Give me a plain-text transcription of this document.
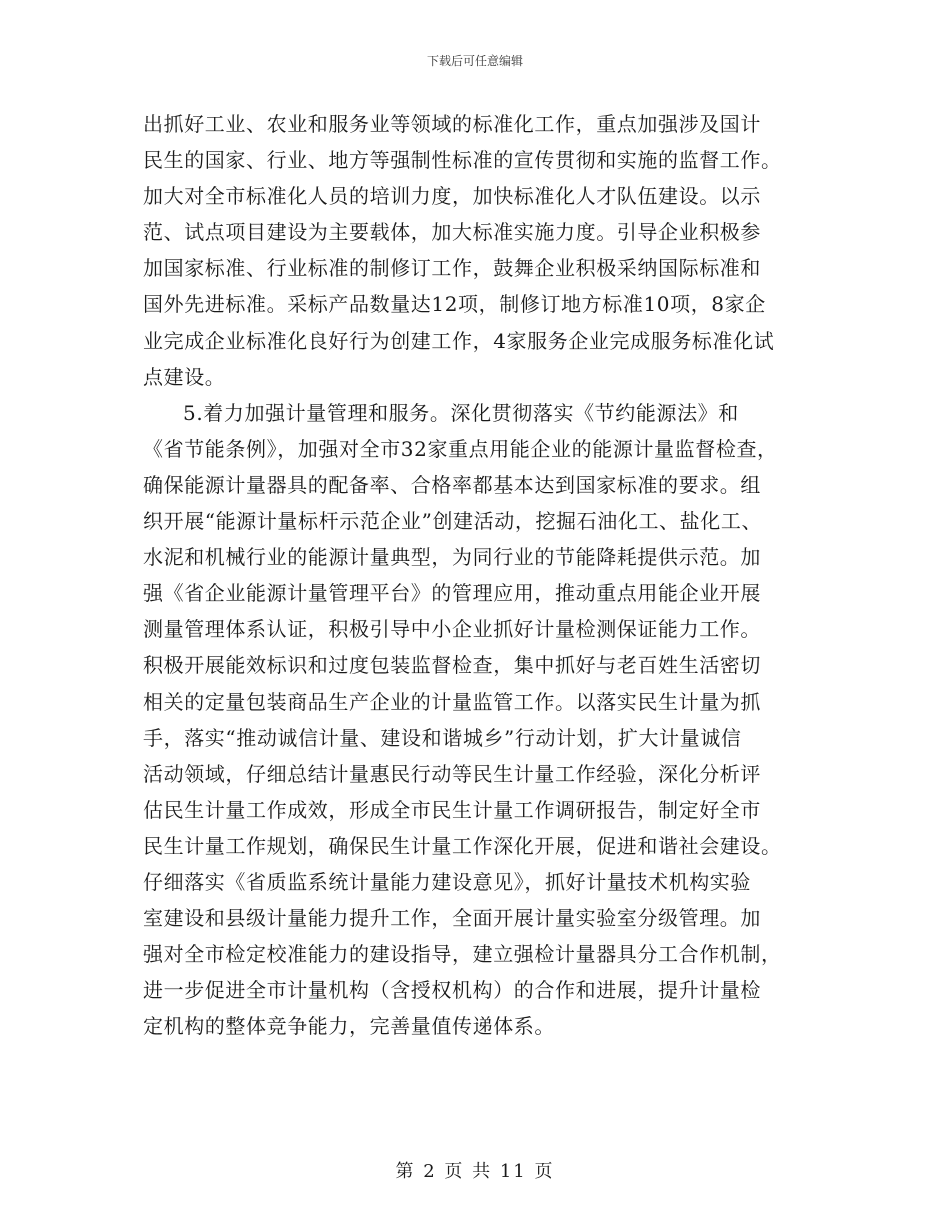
下载后可任意编辑
出抓好工业、农业和服务业等领域的标准化工作，重点加强涉及国计
民生的国家、行业、地方等强制性标准的宣传贯彻和实施的监督工作。
加大对全市标准化人员的培训力度，加快标准化人才队伍建设。以示
范、试点项目建设为主要载体，加大标准实施力度。引导企业积极参
加国家标准、行业标准的制修订工作，鼓舞企业积极采纳国际标准和
国外先进标准。采标产品数量达12项，制修订地方标准10项，8家企
业完成企业标准化良好行为创建工作，4家服务企业完成服务标准化试
点建设。
5.着力加强计量管理和服务。深化贯彻落实《节约能源法》和
《省节能条例》，加强对全市32家重点用能企业的能源计量监督检查，
确保能源计量器具的配备率、合格率都基本达到国家标准的要求。组
织开展“能源计量标杆示范企业”创建活动，挖掘石油化工、盐化工、
水泥和机械行业的能源计量典型，为同行业的节能降耗提供示范。加
强《省企业能源计量管理平台》的管理应用，推动重点用能企业开展
测量管理体系认证，积极引导中小企业抓好计量检测保证能力工作。
积极开展能效标识和过度包装监督检查，集中抓好与老百姓生活密切
相关的定量包装商品生产企业的计量监管工作。以落实民生计量为抓
手，落实“推动诚信计量、建设和谐城乡”行动计划，扩大计量诚信
活动领域，仔细总结计量惠民行动等民生计量工作经验，深化分析评
估民生计量工作成效，形成全市民生计量工作调研报告，制定好全市
民生计量工作规划，确保民生计量工作深化开展，促进和谐社会建设。
仔细落实《省质监系统计量能力建设意见》，抓好计量技术机构实验
室建设和县级计量能力提升工作，全面开展计量实验室分级管理。加
强对全市检定校准能力的建设指导，建立强检计量器具分工合作机制，
进一步促进全市计量机构（含授权机构）的合作和进展，提升计量检
定机构的整体竞争能力，完善量值传递体系。
第 2 页 共 11 页
